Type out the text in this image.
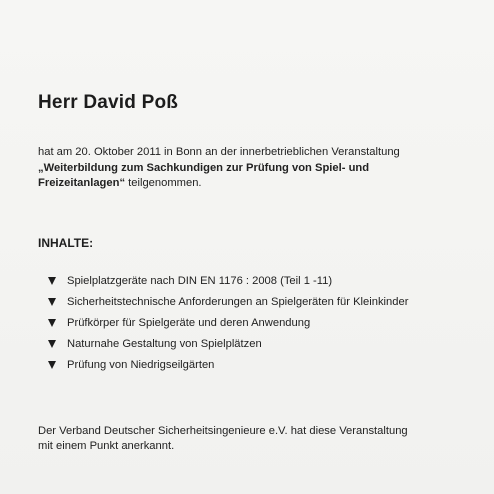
Herr David Poß
hat am 20. Oktober 2011 in Bonn an der innerbetrieblichen Veranstaltung
„Weiterbildung zum Sachkundigen zur Prüfung von Spiel- und
Freizeitanlagen“ teilgenommen.
INHALTE:
Spielplatzgeräte nach DIN EN 1176 : 2008 (Teil 1 -11)
Sicherheitstechnische Anforderungen an Spielgeräten für Kleinkinder
Prüfkörper für Spielgeräte und deren Anwendung
Naturnahe Gestaltung von Spielplätzen
Prüfung von Niedrigseilgärten
Der Verband Deutscher Sicherheitsingenieure e.V. hat diese Veranstaltung
mit einem Punkt anerkannt.
